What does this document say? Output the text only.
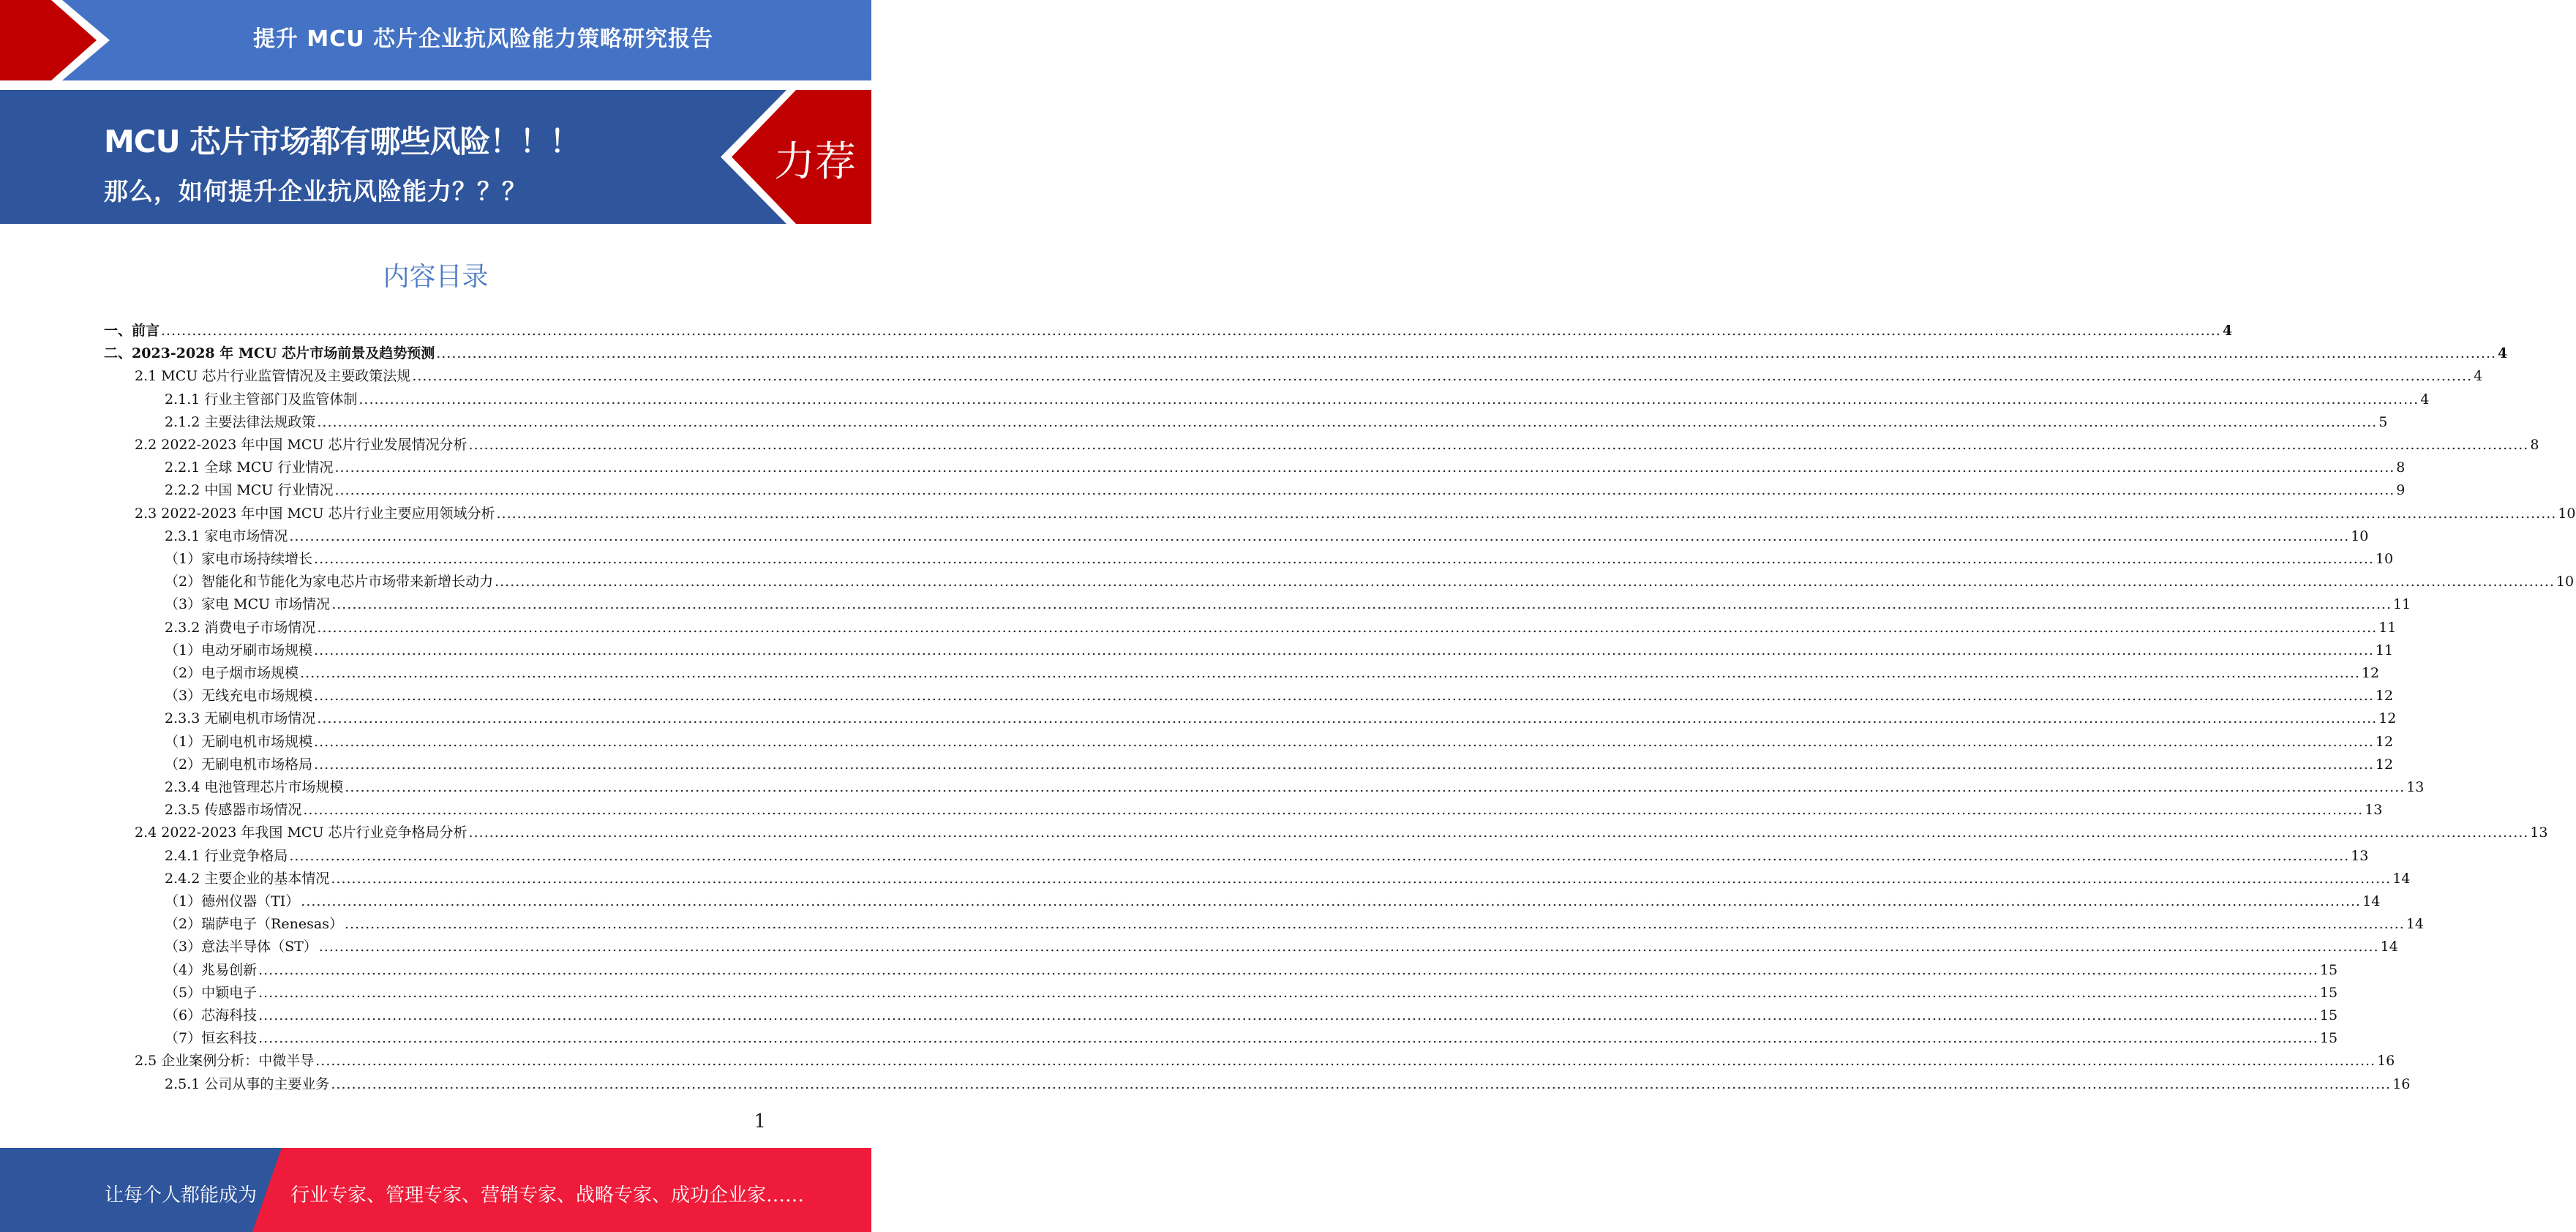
提升 MCU 芯片企业抗风险能力策略研究报告
MCU 芯片市场都有哪些风险！！！
那么，如何提升企业抗风险能力？？？
力荐
内容目录
一、前言 ................................................................................................................................................................................................................................................................................................................................................................................................................ 4
二、2023-2028 年 MCU 芯片市场前景及趋势预测 ................................................................................................................................................................................................................................................................................................................................................................................................................ 4
2.1 MCU 芯片行业监管情况及主要政策法规 ................................................................................................................................................................................................................................................................................................................................................................................................................ 4
2.1.1 行业主管部门及监管体制 ................................................................................................................................................................................................................................................................................................................................................................................................................ 4
2.1.2 主要法律法规政策 ................................................................................................................................................................................................................................................................................................................................................................................................................ 5
2.2 2022-2023 年中国 MCU 芯片行业发展情况分析 ................................................................................................................................................................................................................................................................................................................................................................................................................ 8
2.2.1 全球 MCU 行业情况 ................................................................................................................................................................................................................................................................................................................................................................................................................ 8
2.2.2 中国 MCU 行业情况 ................................................................................................................................................................................................................................................................................................................................................................................................................ 9
2.3 2022-2023 年中国 MCU 芯片行业主要应用领域分析 ................................................................................................................................................................................................................................................................................................................................................................................................................ 10
2.3.1 家电市场情况 ................................................................................................................................................................................................................................................................................................................................................................................................................ 10
（1）家电市场持续增长 ................................................................................................................................................................................................................................................................................................................................................................................................................ 10
（2）智能化和节能化为家电芯片市场带来新增长动力 ................................................................................................................................................................................................................................................................................................................................................................................................................ 10
（3）家电 MCU 市场情况 ................................................................................................................................................................................................................................................................................................................................................................................................................ 11
2.3.2 消费电子市场情况 ................................................................................................................................................................................................................................................................................................................................................................................................................ 11
（1）电动牙刷市场规模 ................................................................................................................................................................................................................................................................................................................................................................................................................ 11
（2）电子烟市场规模 ................................................................................................................................................................................................................................................................................................................................................................................................................ 12
（3）无线充电市场规模 ................................................................................................................................................................................................................................................................................................................................................................................................................ 12
2.3.3 无刷电机市场情况 ................................................................................................................................................................................................................................................................................................................................................................................................................ 12
（1）无刷电机市场规模 ................................................................................................................................................................................................................................................................................................................................................................................................................ 12
（2）无刷电机市场格局 ................................................................................................................................................................................................................................................................................................................................................................................................................ 12
2.3.4 电池管理芯片市场规模 ................................................................................................................................................................................................................................................................................................................................................................................................................ 13
2.3.5 传感器市场情况 ................................................................................................................................................................................................................................................................................................................................................................................................................ 13
2.4 2022-2023 年我国 MCU 芯片行业竞争格局分析 ................................................................................................................................................................................................................................................................................................................................................................................................................ 13
2.4.1 行业竞争格局 ................................................................................................................................................................................................................................................................................................................................................................................................................ 13
2.4.2 主要企业的基本情况 ................................................................................................................................................................................................................................................................................................................................................................................................................ 14
（1）德州仪器（TI） ................................................................................................................................................................................................................................................................................................................................................................................................................ 14
（2）瑞萨电子（Renesas） ................................................................................................................................................................................................................................................................................................................................................................................................................ 14
（3）意法半导体（ST） ................................................................................................................................................................................................................................................................................................................................................................................................................ 14
（4）兆易创新 ................................................................................................................................................................................................................................................................................................................................................................................................................ 15
（5）中颖电子 ................................................................................................................................................................................................................................................................................................................................................................................................................ 15
（6）芯海科技 ................................................................................................................................................................................................................................................................................................................................................................................................................ 15
（7）恒玄科技 ................................................................................................................................................................................................................................................................................................................................................................................................................ 15
2.5 企业案例分析：中微半导 ................................................................................................................................................................................................................................................................................................................................................................................................................ 16
2.5.1 公司从事的主要业务 ................................................................................................................................................................................................................................................................................................................................................................................................................ 16
1
让每个人都能成为 行业专家、管理专家、营销专家、战略专家、成功企业家……
